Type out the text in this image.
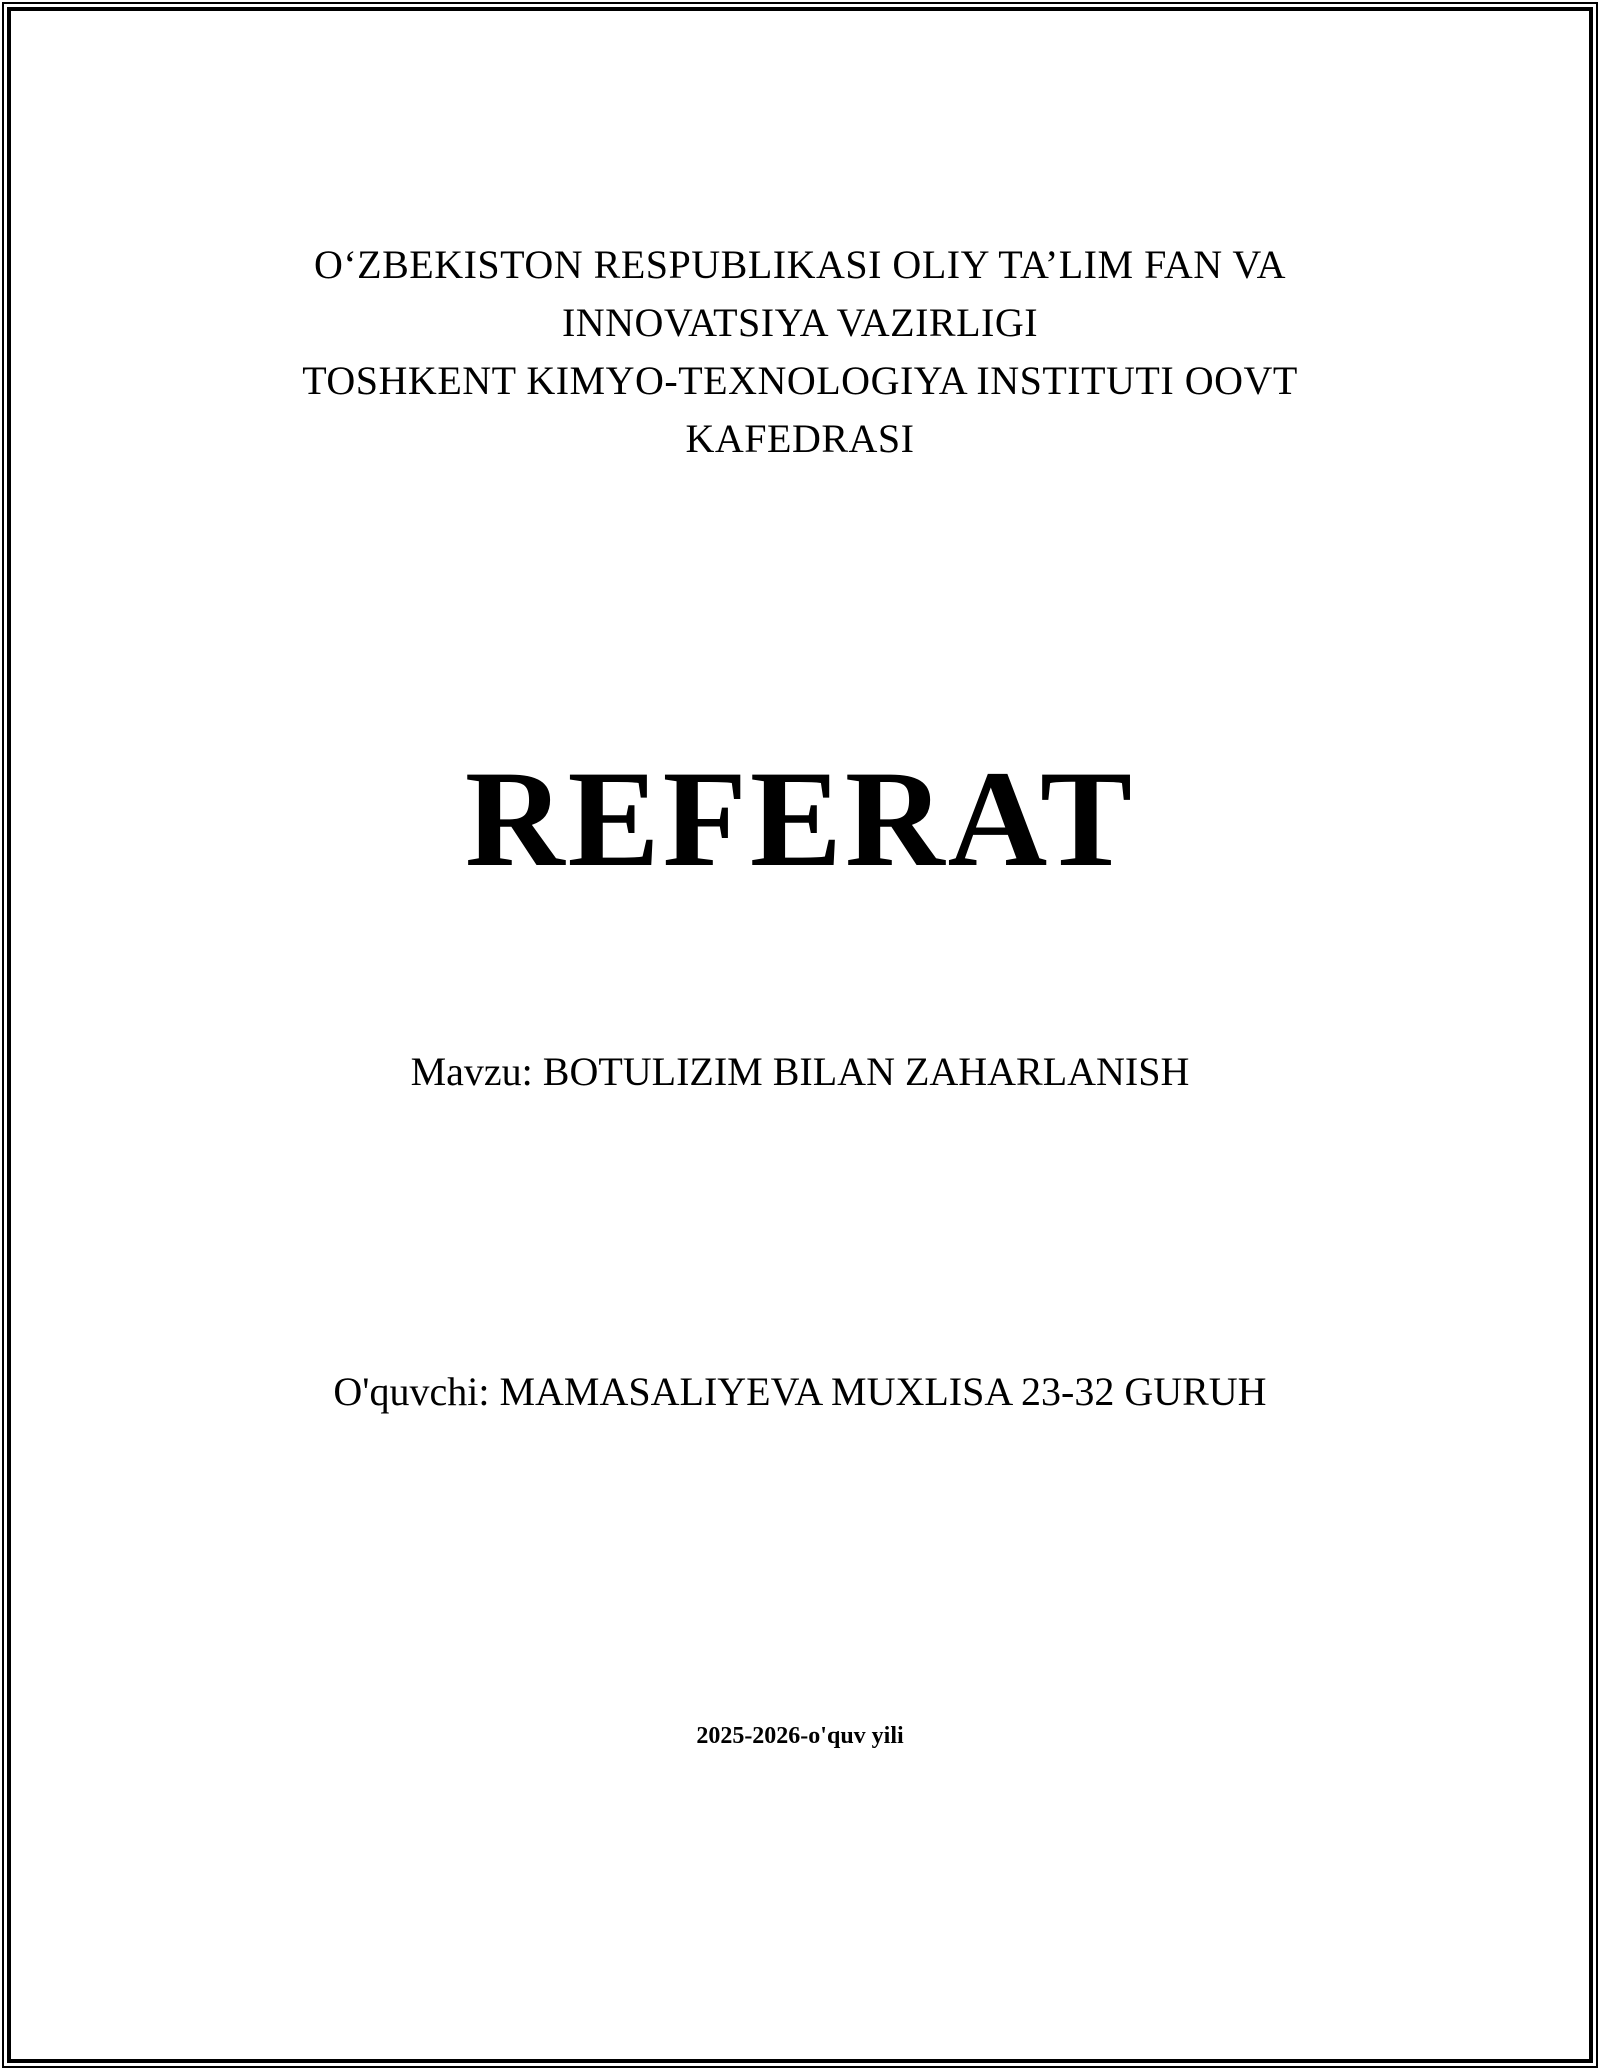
O‘ZBEKISTON RESPUBLIKASI OLIY TA’LIM FAN VA
INNOVATSIYA VAZIRLIGI
TOSHKENT KIMYO-TEXNOLOGIYA INSTITUTI OOVT
KAFEDRASI
REFERAT
Mavzu: BOTULIZIM BILAN ZAHARLANISH
O'quvchi: MAMASALIYEVA MUXLISA 23-32 GURUH
2025-2026-o'quv yili
